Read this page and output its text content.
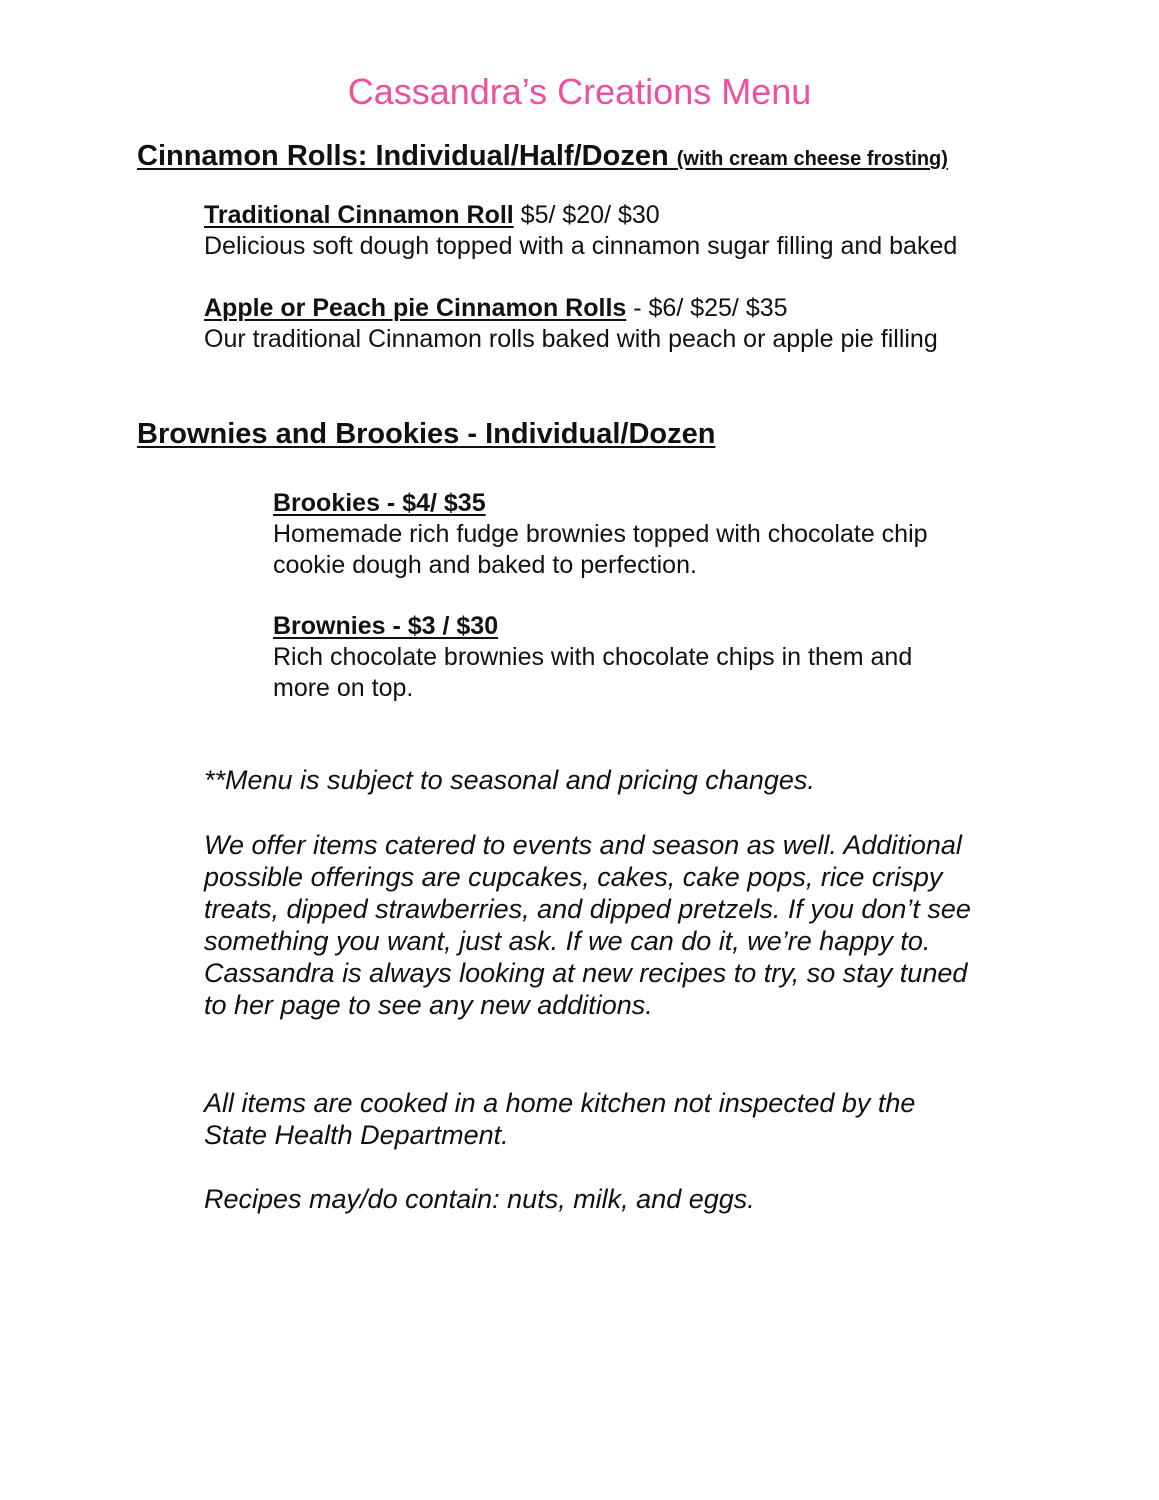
Cassandra’s Creations Menu
Cinnamon Rolls: Individual/Half/Dozen (with cream cheese frosting)
Traditional Cinnamon Roll $5/ $20/ $30
Delicious soft dough topped with a cinnamon sugar filling and baked
Apple or Peach pie Cinnamon Rolls - $6/ $25/ $35
Our traditional Cinnamon rolls baked with peach or apple pie filling
Brownies and Brookies - Individual/Dozen
Brookies - $4/ $35
Homemade rich fudge brownies topped with chocolate chip
cookie dough and baked to perfection.
Brownies - $3 / $30
Rich chocolate brownies with chocolate chips in them and
more on top.
**Menu is subject to seasonal and pricing changes.
We offer items catered to events and season as well. Additional
possible offerings are cupcakes, cakes, cake pops, rice crispy
treats, dipped strawberries, and dipped pretzels. If you don’t see
something you want, just ask. If we can do it, we’re happy to.
Cassandra is always looking at new recipes to try, so stay tuned
to her page to see any new additions.
All items are cooked in a home kitchen not inspected by the
State Health Department.
Recipes may/do contain: nuts, milk, and eggs.
